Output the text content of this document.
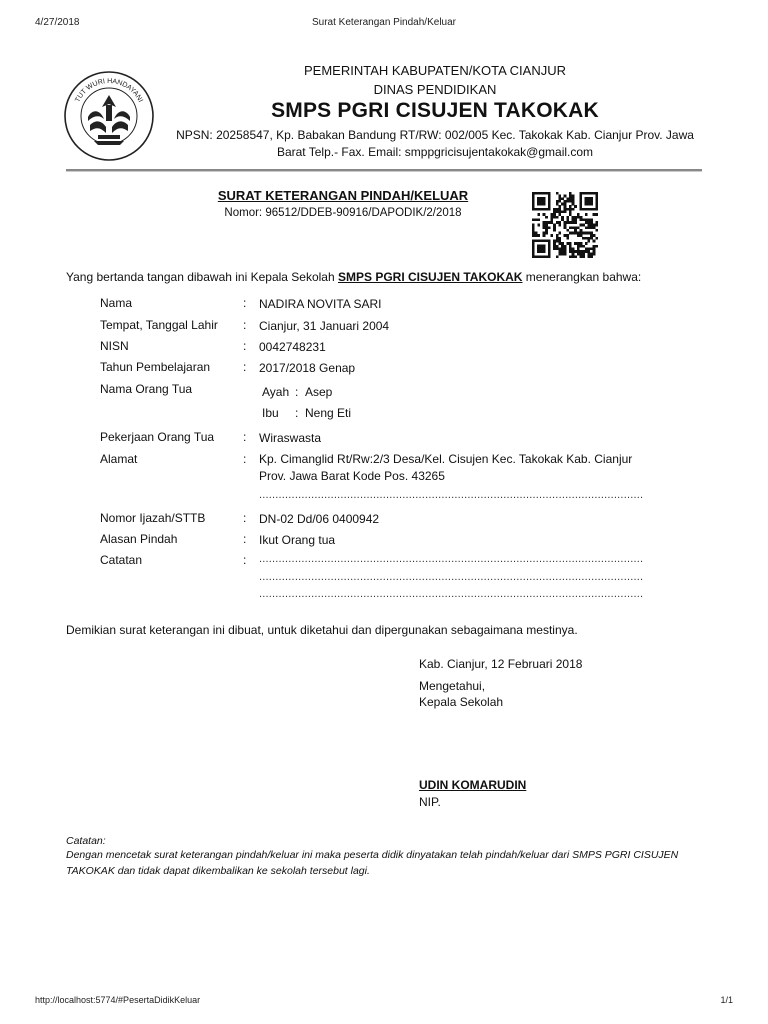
4/27/2018	Surat Keterangan Pindah/Keluar
TUT WURI HANDAYANI
PEMERINTAH KABUPATEN/KOTA CIANJUR
DINAS PENDIDIKAN
SMPS PGRI CISUJEN TAKOKAK
NPSN: 20258547, Kp. Babakan Bandung RT/RW: 002/005 Kec. Takokak Kab. Cianjur Prov. Jawa
Barat Telp.- Fax. Email: smppgricisujentakokak@gmail.com
SURAT KETERANGAN PINDAH/KELUAR
Nomor: 96512/DDEB-90916/DAPODIK/2/2018
Yang bertanda tangan dibawah ini Kepala Sekolah SMPS PGRI CISUJEN TAKOKAK menerangkan bahwa:
Nama	: NADIRA NOVITA SARI
Tempat, Tanggal Lahir : Cianjur, 31 Januari 2004
NISN	: 0042748231
Tahun Pembelajaran	: 2017/2018 Genap
Nama Orang Tua	Ayah : Asep
Ibu : Neng Eti
Pekerjaan Orang Tua : Wiraswasta
Alamat	: Kp. Cimanglid Rt/Rw:2/3 Desa/Kel. Cisujen Kec. Takokak Kab. Cianjur
Prov. Jawa Barat Kode Pos. 43265
......................................................................................................................
Nomor Ijazah/STTB	: DN-02 Dd/06 0400942
Alasan Pindah	: Ikut Orang tua
Catatan	: ......................................................................................................................
......................................................................................................................
......................................................................................................................
Demikian surat keterangan ini dibuat, untuk diketahui dan dipergunakan sebagaimana mestinya.
Kab. Cianjur, 12 Februari 2018
Mengetahui,
Kepala Sekolah
UDIN KOMARUDIN
NIP.
Catatan:
Dengan mencetak surat keterangan pindah/keluar ini maka peserta didik dinyatakan telah pindah/keluar dari SMPS PGRI CISUJEN TAKOKAK dan tidak dapat dikembalikan ke sekolah tersebut lagi.
http://localhost:5774/#PesertaDidikKeluar	1/1
